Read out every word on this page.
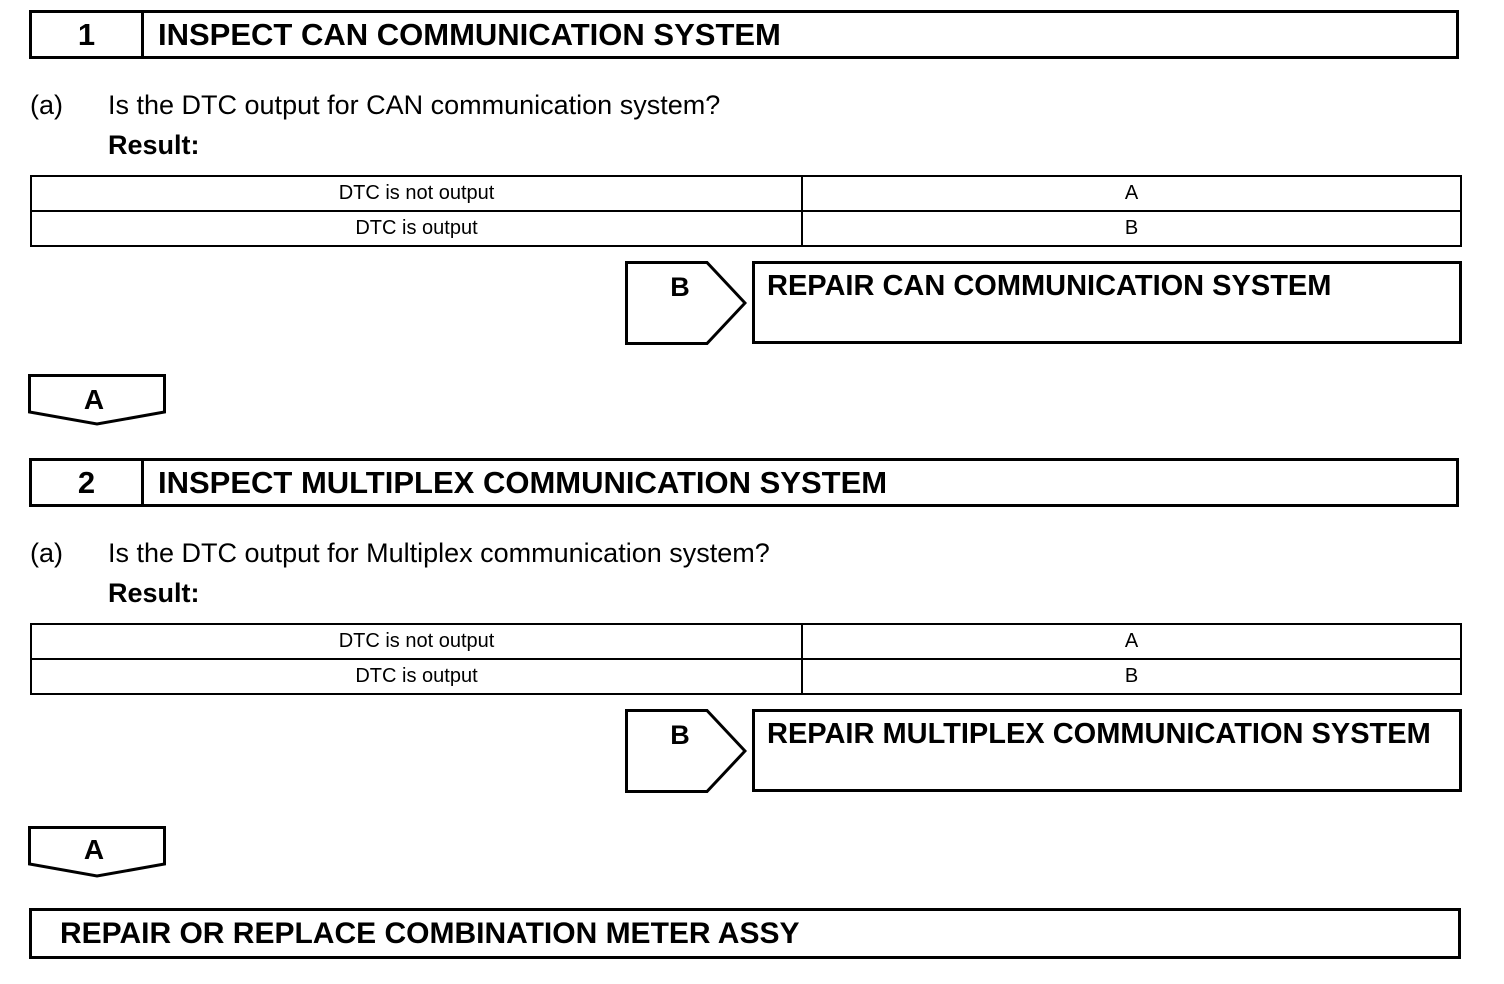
1	INSPECT CAN COMMUNICATION SYSTEM
(a) Is the DTC output for CAN communication system?
Result:
DTC is not output	A
DTC is output	B
B	REPAIR CAN COMMUNICATION SYSTEM
A
2	INSPECT MULTIPLEX COMMUNICATION SYSTEM
(a) Is the DTC output for Multiplex communication system?
Result:
DTC is not output	A
DTC is output	B
B	REPAIR MULTIPLEX COMMUNICATION SYSTEM
A
REPAIR OR REPLACE COMBINATION METER ASSY
